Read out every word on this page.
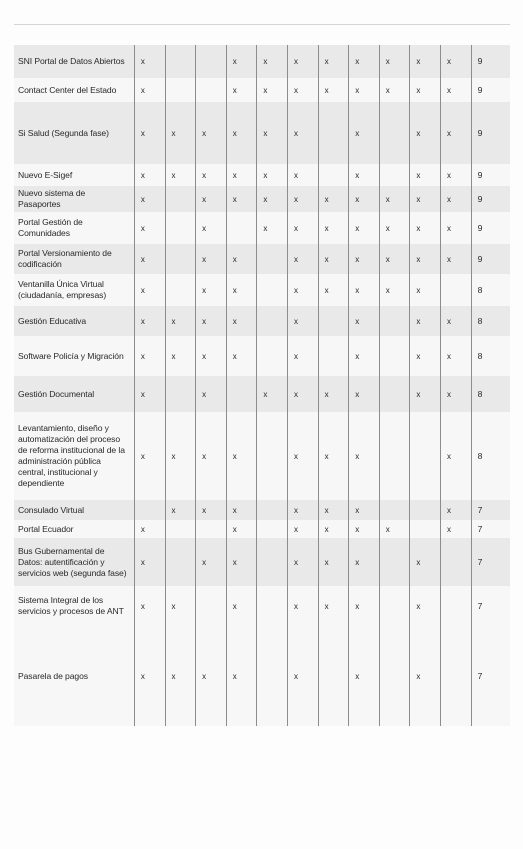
SNI Portal de Datos Abiertos	x			x	x	x	x	x	x	x	x	9
Contact Center del Estado	x			x	x	x	x	x	x	x	x	9
Si Salud (Segunda fase)	x	x	x	x	x	x		x		x	x	9
Nuevo E-Sigef	x	x	x	x	x	x		x		x	x	9
Nuevo sistema de Pasaportes	x		x	x	x	x	x	x	x	x	x	9
Portal Gestión de Comunidades	x		x		x	x	x	x	x	x	x	9
Portal Versionamiento de codificación	x		x	x		x	x	x	x	x	x	9
Ventanilla Única Virtual (ciudadanía, empresas)	x		x	x		x	x	x	x	x		8
Gestión Educativa	x	x	x	x		x		x		x	x	8
Software Policía y Migración	x	x	x	x		x		x		x	x	8
Gestión Documental	x		x		x	x	x	x		x	x	8
Levantamiento, diseño y automatización del proceso de reforma institucional de la administración pública central, institucional y dependiente	x	x	x	x		x	x	x			x	8
Consulado Virtual		x	x	x		x	x	x			x	7
Portal Ecuador	x			x		x	x	x	x		x	7
Bus Gubernamental de Datos: autentificación y servicios web (segunda fase)	x		x	x		x	x	x		x		7
Sistema Integral de los servicios y procesos de ANT	x	x		x		x	x	x		x		7
Pasarela de pagos	x	x	x	x		x		x		x		7
